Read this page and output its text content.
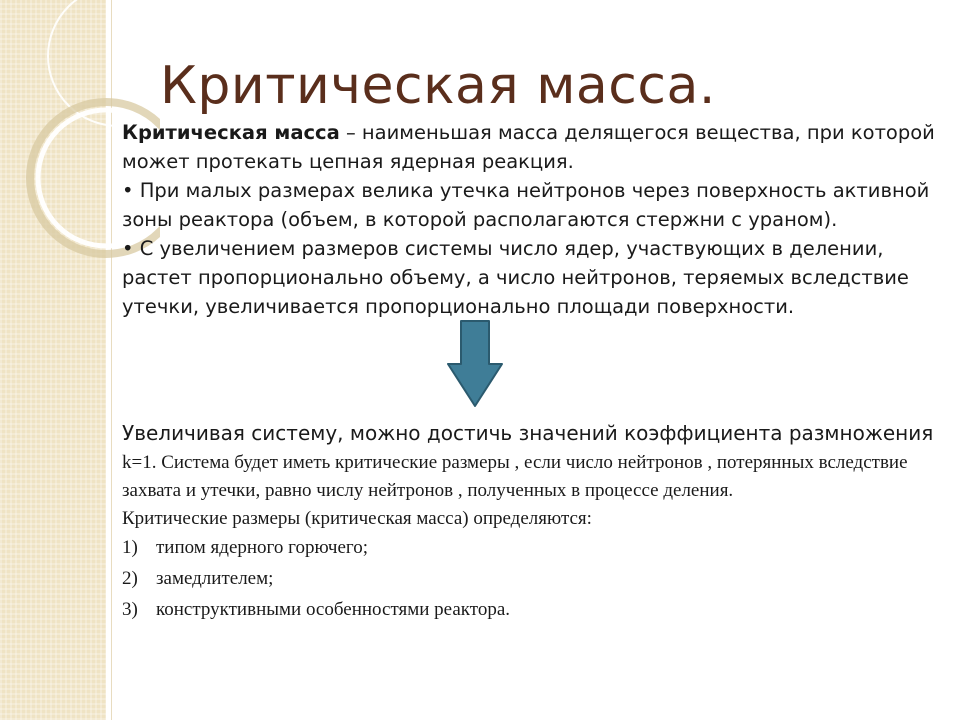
Критическая масса.

Критическая масса – наименьшая масса делящегося вещества, при которой может протекать цепная ядерная реакция.

• При малых размерах велика утечка нейтронов через поверхность активной зоны реактора (объем, в которой располагаются стержни с ураном).

• С увеличением размеров системы число ядер, участвующих в делении, растет пропорционально объему, а число нейтронов, теряемых вследствие утечки, увеличивается пропорционально площади поверхности.

Увеличивая систему, можно достичь значений коэффициента размножения k=1. Система будет иметь критические размеры , если число нейтронов , потерянных вследствие захвата и утечки, равно числу нейтронов , полученных в процессе деления.

Критические размеры (критическая масса) определяются:

1) типом ядерного горючего;
2) замедлителем;
3) конструктивными особенностями реактора.
